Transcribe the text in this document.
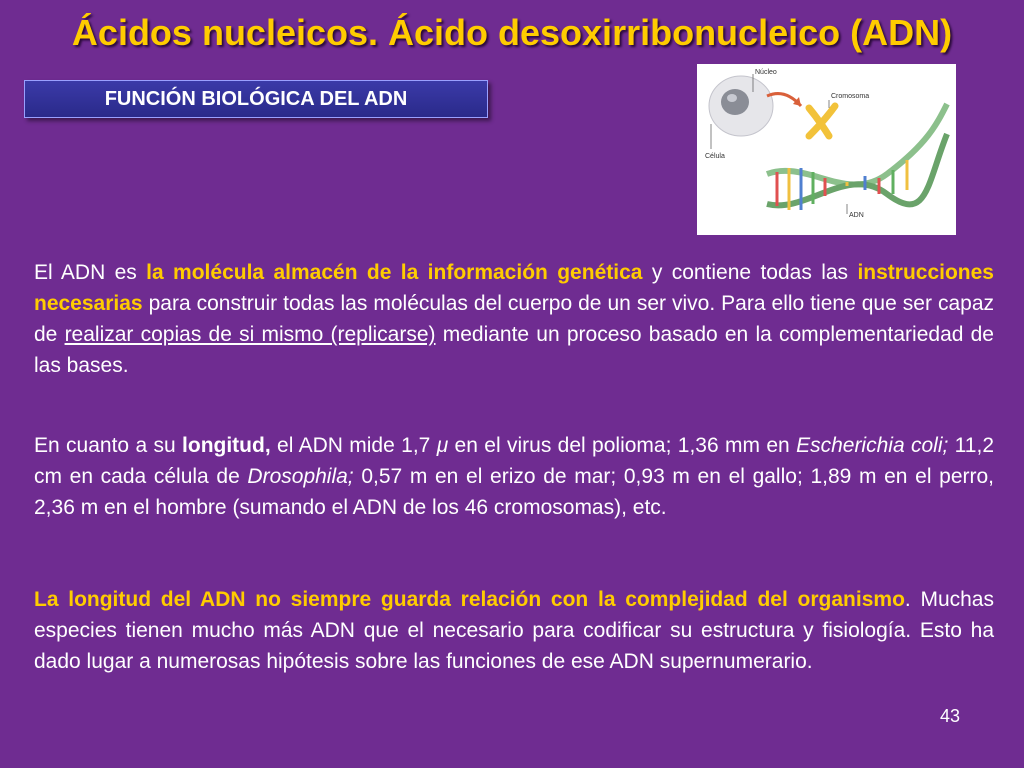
Ácidos nucleicos. Ácido desoxirribonucleico (ADN)
FUNCIÓN BIOLÓGICA DEL ADN
Núcleo
Cromosoma
Célula
ADN

El ADN es la molécula almacén de la información genética y contiene todas las instrucciones necesarias para construir todas las moléculas del cuerpo de un ser vivo. Para ello tiene que ser capaz de realizar copias de si mismo (replicarse) mediante un proceso basado en la complementariedad de las bases.

En cuanto a su longitud, el ADN mide 1,7 μ en el virus del polioma; 1,36 mm en Escherichia coli; 11,2 cm en cada célula de Drosophila; 0,57 m en el erizo de mar; 0,93 m en el gallo; 1,89 m en el perro, 2,36 m en el hombre (sumando el ADN de los 46 cromosomas), etc.

La longitud del ADN no siempre guarda relación con la complejidad del organismo. Muchas especies tienen mucho más ADN que el necesario para codificar su estructura y fisiología. Esto ha dado lugar a numerosas hipótesis sobre las funciones de ese ADN supernumerario.

43
